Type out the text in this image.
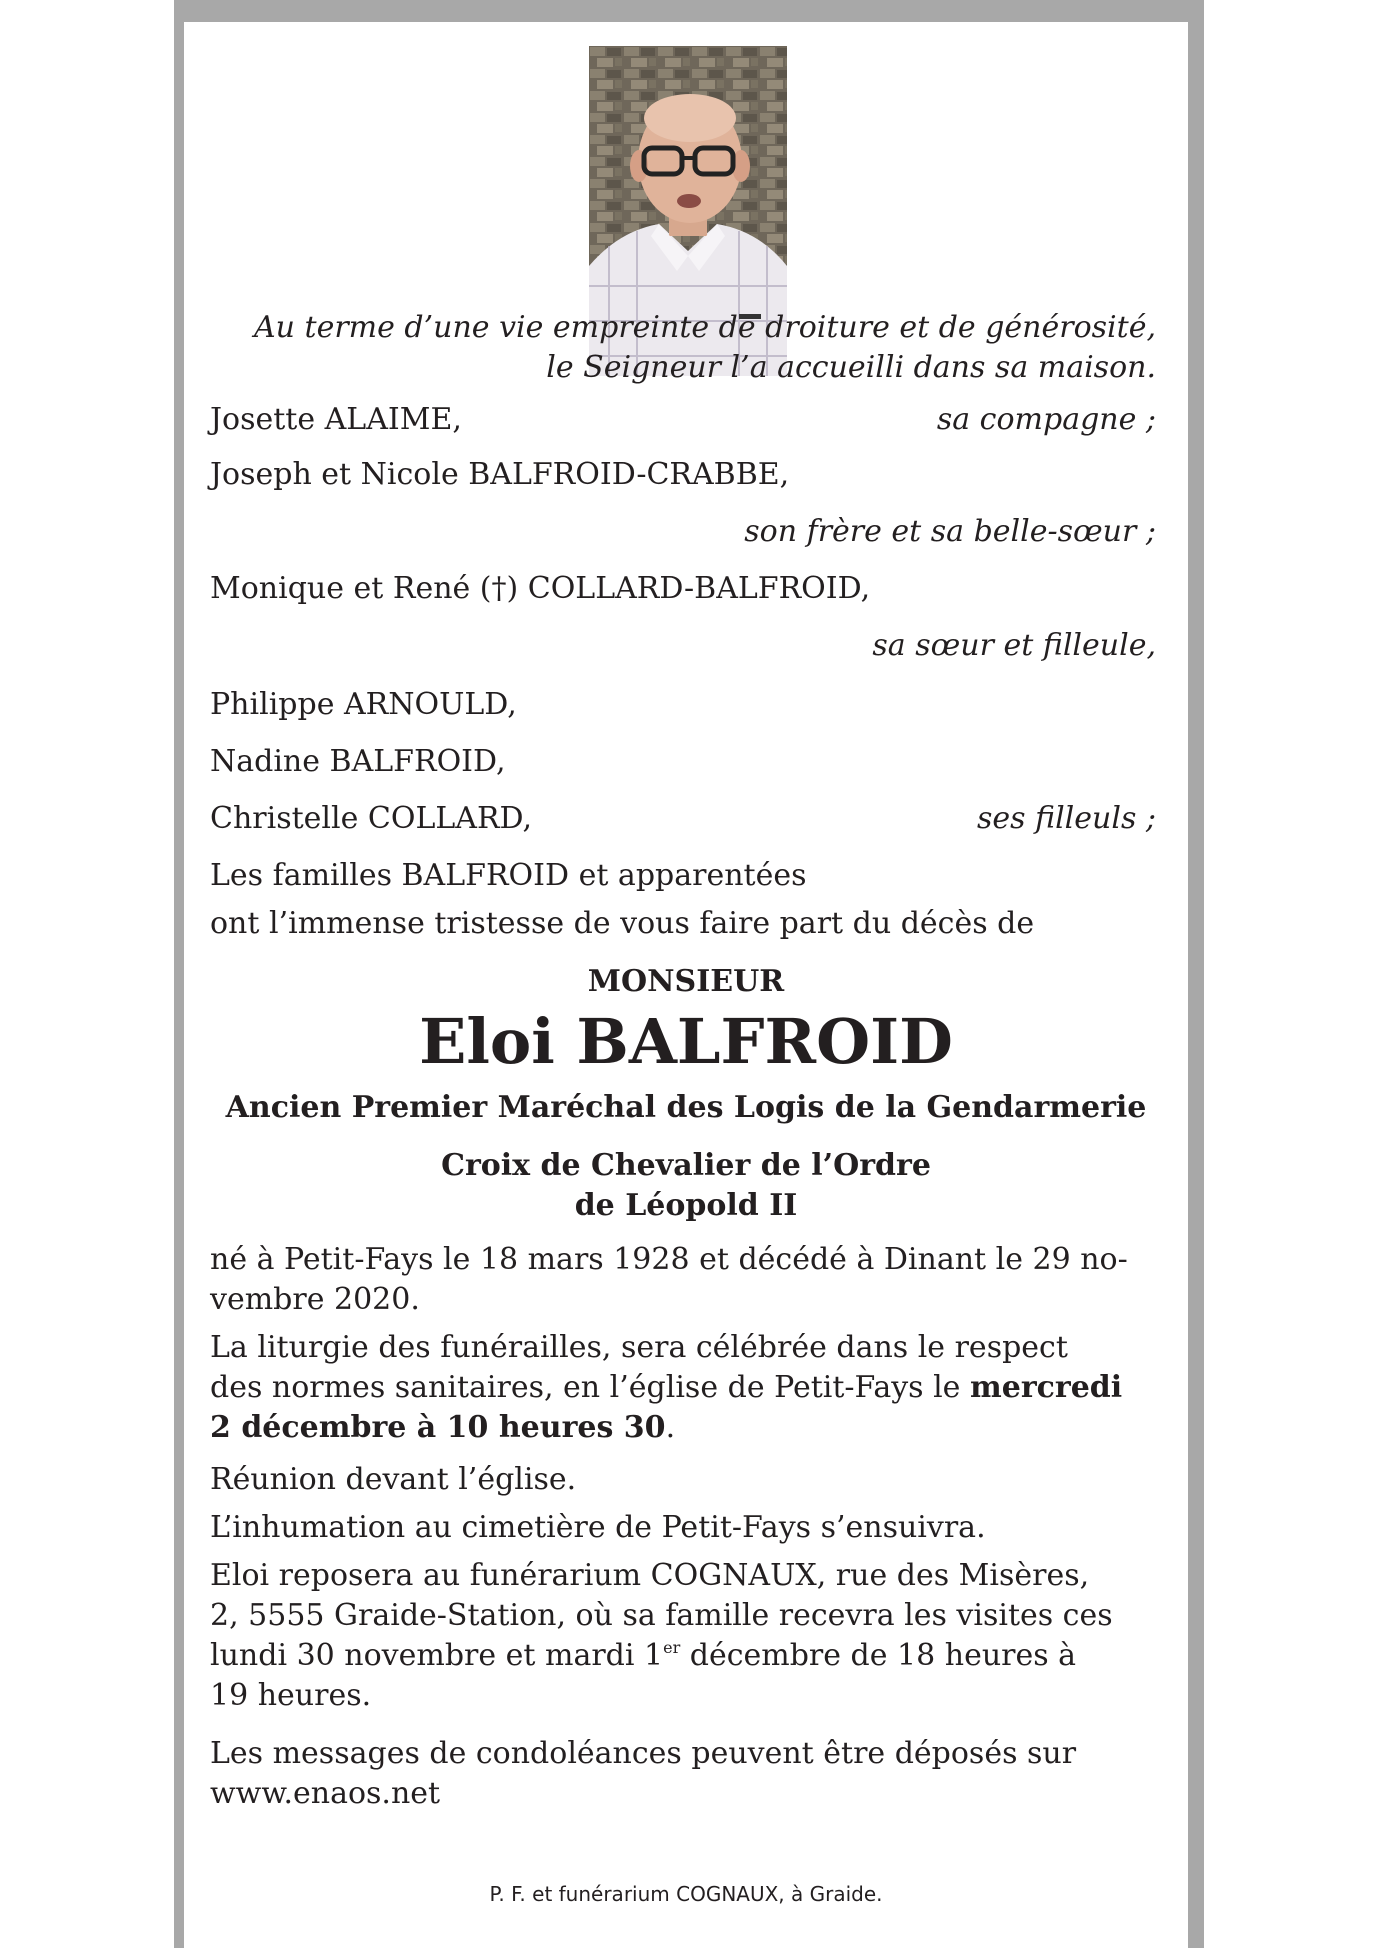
Au terme d’une vie empreinte de droiture et de générosité,
le Seigneur l’a accueilli dans sa maison.
Josette ALAIME,	sa compagne ;
Joseph et Nicole BALFROID-CRABBE,
son frère et sa belle-sœur ;
Monique et René (†) COLLARD-BALFROID,
sa sœur et filleule,
Philippe ARNOULD,
Nadine BALFROID,
Christelle COLLARD,	ses filleuls ;
Les familles BALFROID et apparentées
ont l’immense tristesse de vous faire part du décès de
MONSIEUR
Eloi BALFROID
Ancien Premier Maréchal des Logis de la Gendarmerie
Croix de Chevalier de l’Ordre
de Léopold II
né à Petit-Fays le 18 mars 1928 et décédé à Dinant le 29 no-
vembre 2020.
La liturgie des funérailles, sera célébrée dans le respect
des normes sanitaires, en l’église de Petit-Fays le mercredi
2 décembre à 10 heures 30.
Réunion devant l’église.
L’inhumation au cimetière de Petit-Fays s’ensuivra.
Eloi reposera au funérarium COGNAUX, rue des Misères,
2, 5555 Graide-Station, où sa famille recevra les visites ces
lundi 30 novembre et mardi 1er décembre de 18 heures à
19 heures.
Les messages de condoléances peuvent être déposés sur
www.enaos.net
P. F. et funérarium COGNAUX, à Graide.
